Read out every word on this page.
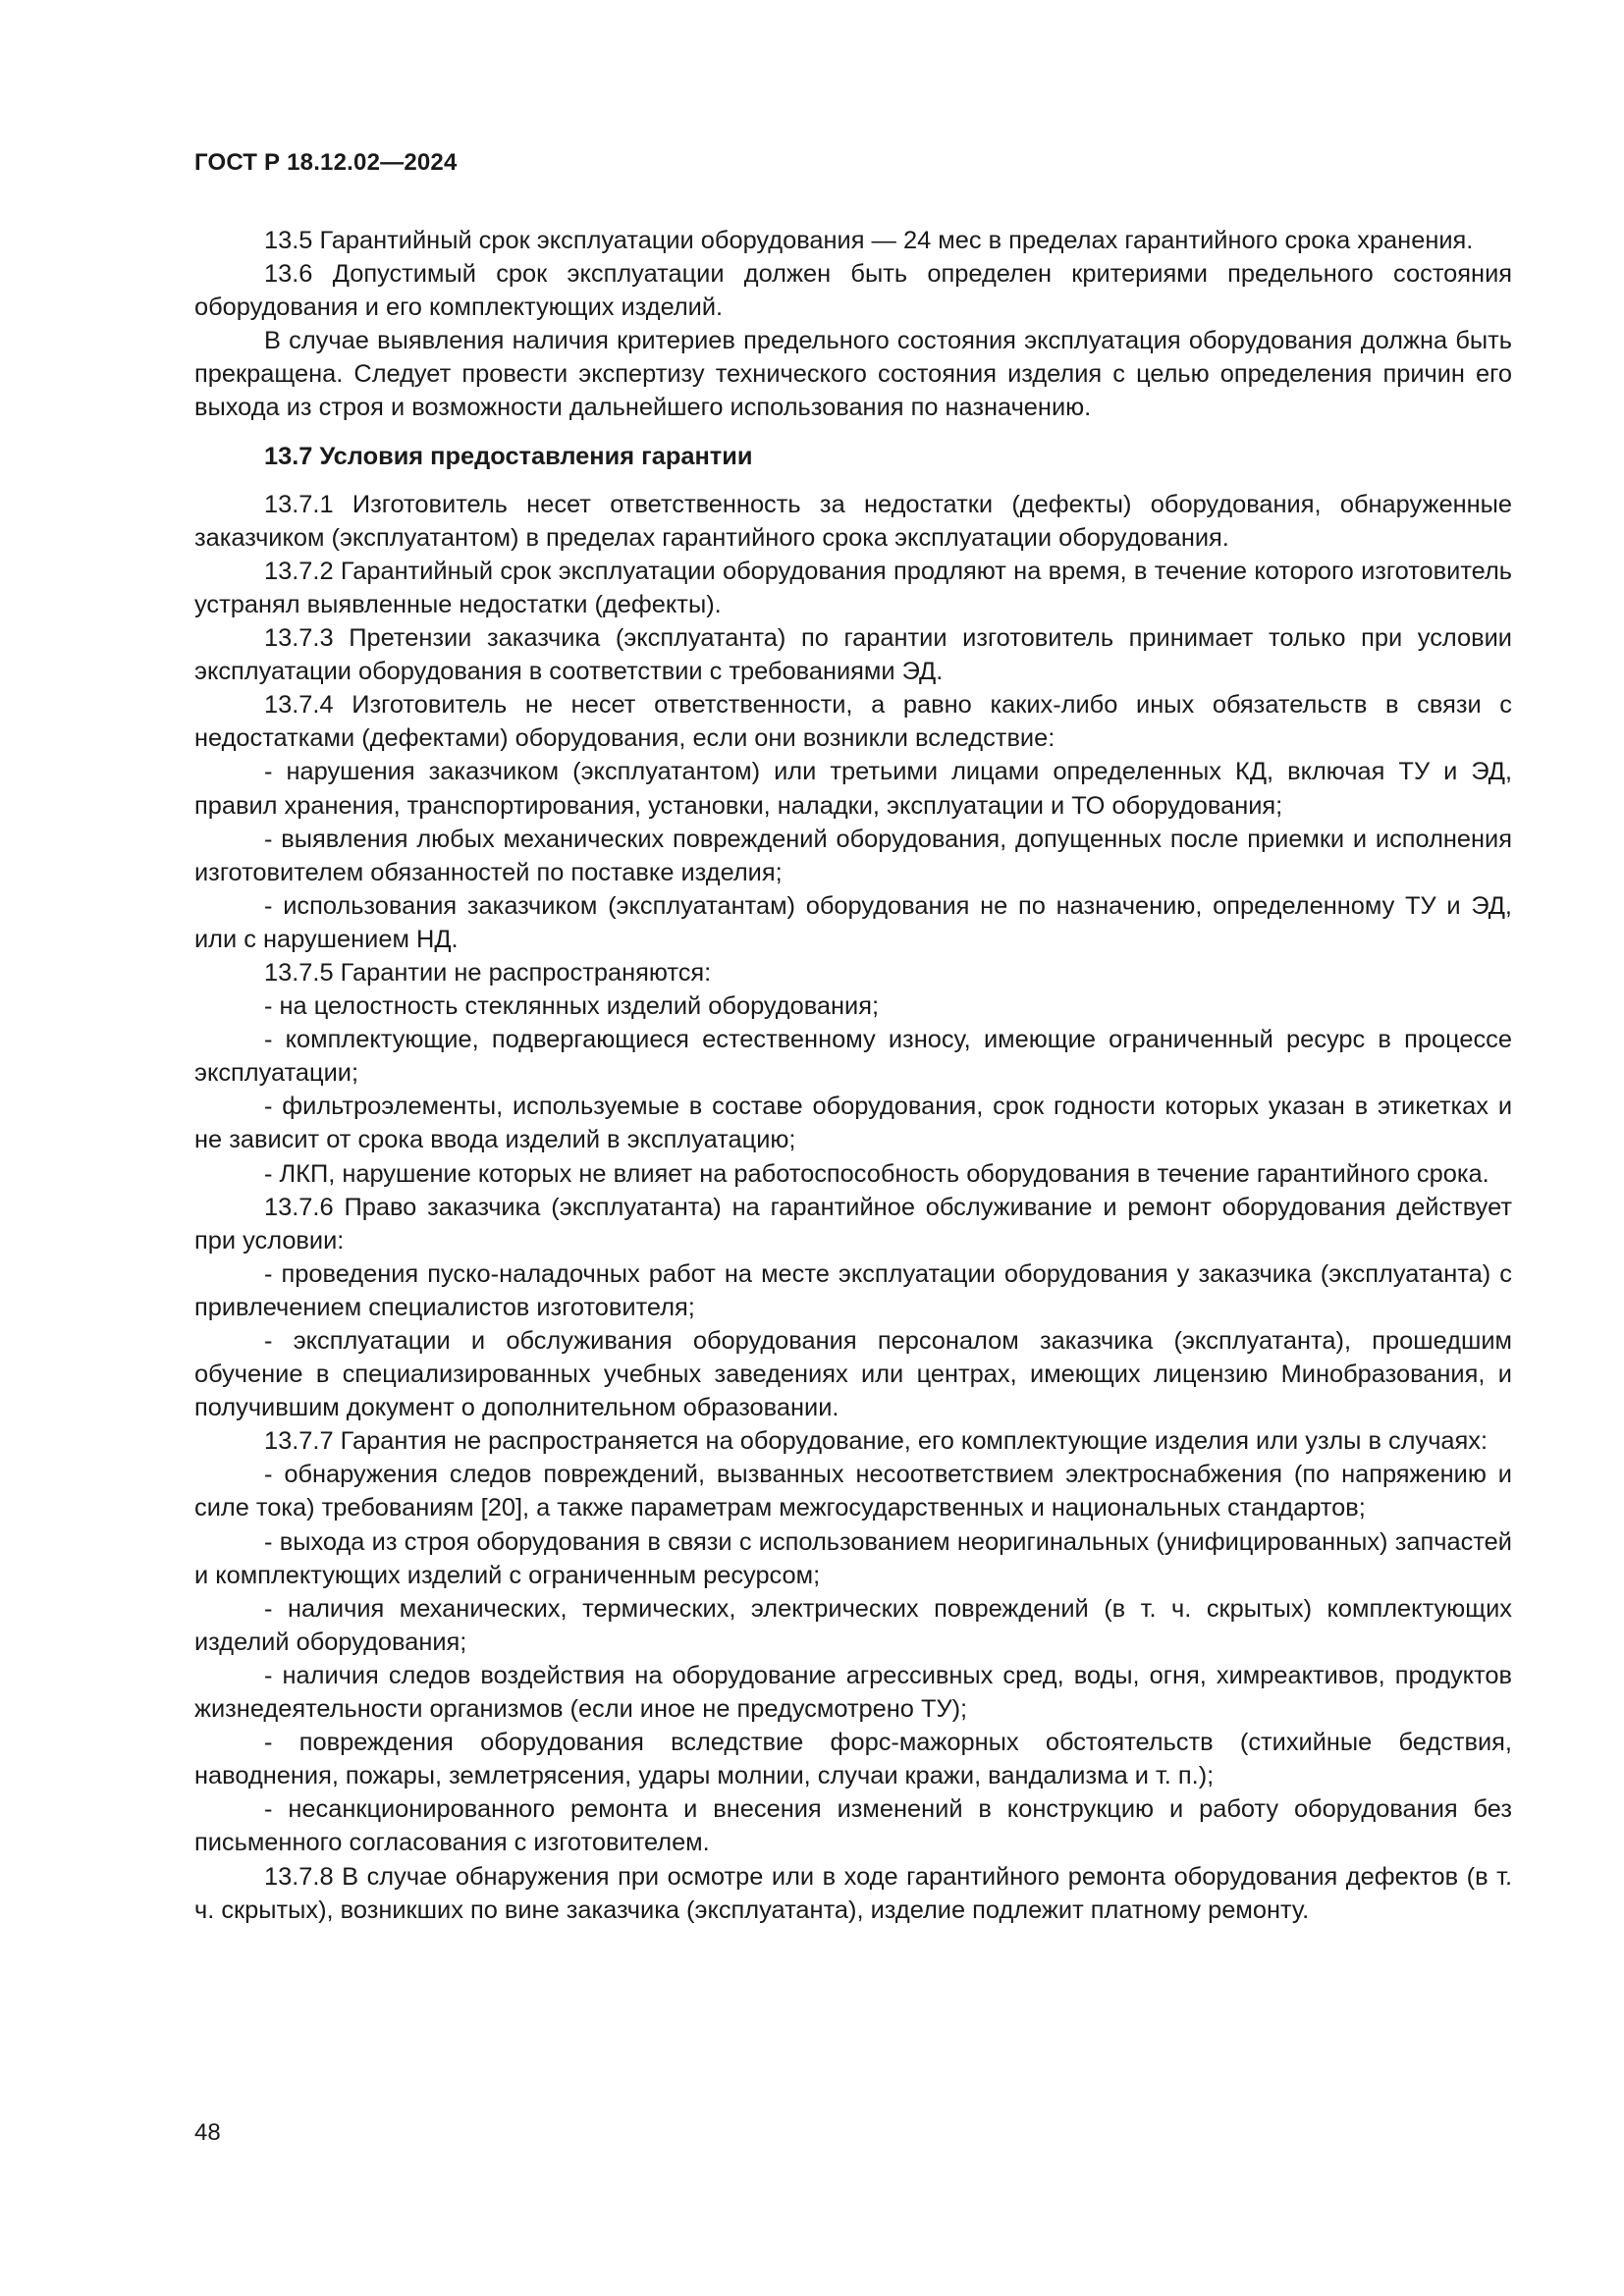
ГОСТ Р 18.12.02—2024

13.5 Гарантийный срок эксплуатации оборудования — 24 мес в пределах гарантийного срока хранения.

13.6 Допустимый срок эксплуатации должен быть определен критериями предельного состояния оборудования и его комплектующих изделий.

В случае выявления наличия критериев предельного состояния эксплуатация оборудования должна быть прекращена. Следует провести экспертизу технического состояния изделия с целью определения причин его выхода из строя и возможности дальнейшего использования по назначению.

13.7 Условия предоставления гарантии

13.7.1 Изготовитель несет ответственность за недостатки (дефекты) оборудования, обнаруженные заказчиком (эксплуатантом) в пределах гарантийного срока эксплуатации оборудования.

13.7.2 Гарантийный срок эксплуатации оборудования продляют на время, в течение которого изготовитель устранял выявленные недостатки (дефекты).

13.7.3 Претензии заказчика (эксплуатанта) по гарантии изготовитель принимает только при условии эксплуатации оборудования в соответствии с требованиями ЭД.

13.7.4 Изготовитель не несет ответственности, а равно каких-либо иных обязательств в связи с недостатками (дефектами) оборудования, если они возникли вследствие:

- нарушения заказчиком (эксплуатантом) или третьими лицами определенных КД, включая ТУ и ЭД, правил хранения, транспортирования, установки, наладки, эксплуатации и ТО оборудования;

- выявления любых механических повреждений оборудования, допущенных после приемки и исполнения изготовителем обязанностей по поставке изделия;

- использования заказчиком (эксплуатантам) оборудования не по назначению, определенному ТУ и ЭД, или с нарушением НД.

13.7.5 Гарантии не распространяются:

- на целостность стеклянных изделий оборудования;

- комплектующие, подвергающиеся естественному износу, имеющие ограниченный ресурс в процессе эксплуатации;

- фильтроэлементы, используемые в составе оборудования, срок годности которых указан в этикетках и не зависит от срока ввода изделий в эксплуатацию;

- ЛКП, нарушение которых не влияет на работоспособность оборудования в течение гарантийного срока.

13.7.6 Право заказчика (эксплуатанта) на гарантийное обслуживание и ремонт оборудования действует при условии:

- проведения пуско-наладочных работ на месте эксплуатации оборудования у заказчика (эксплуатанта) с привлечением специалистов изготовителя;

- эксплуатации и обслуживания оборудования персоналом заказчика (эксплуатанта), прошедшим обучение в специализированных учебных заведениях или центрах, имеющих лицензию Минобразования, и получившим документ о дополнительном образовании.

13.7.7 Гарантия не распространяется на оборудование, его комплектующие изделия или узлы в случаях:

- обнаружения следов повреждений, вызванных несоответствием электроснабжения (по напряжению и силе тока) требованиям [20], а также параметрам межгосударственных и национальных стандартов;

- выхода из строя оборудования в связи с использованием неоригинальных (унифицированных) запчастей и комплектующих изделий с ограниченным ресурсом;

- наличия механических, термических, электрических повреждений (в т. ч. скрытых) комплектующих изделий оборудования;

- наличия следов воздействия на оборудование агрессивных сред, воды, огня, химреактивов, продуктов жизнедеятельности организмов (если иное не предусмотрено ТУ);

- повреждения оборудования вследствие форс-мажорных обстоятельств (стихийные бедствия, наводнения, пожары, землетрясения, удары молнии, случаи кражи, вандализма и т. п.);

- несанкционированного ремонта и внесения изменений в конструкцию и работу оборудования без письменного согласования с изготовителем.

13.7.8 В случае обнаружения при осмотре или в ходе гарантийного ремонта оборудования дефектов (в т. ч. скрытых), возникших по вине заказчика (эксплуатанта), изделие подлежит платному ремонту.

48
